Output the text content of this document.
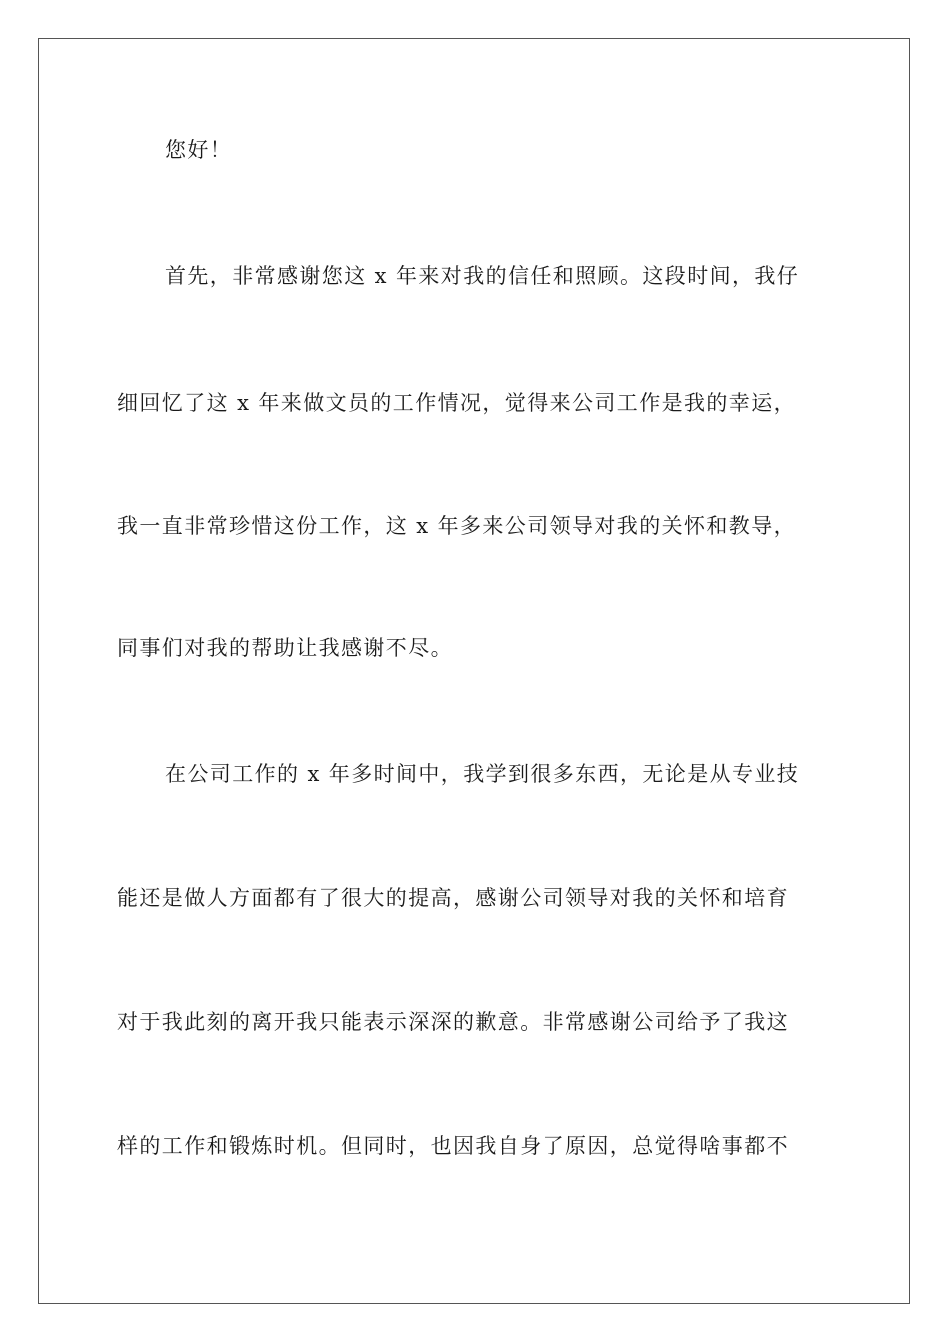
您好！
首先，非常感谢您这 x 年来对我的信任和照顾。这段时间，我仔
细回忆了这 x 年来做文员的工作情况，觉得来公司工作是我的幸运，
我一直非常珍惜这份工作，这 x 年多来公司领导对我的关怀和教导，
同事们对我的帮助让我感谢不尽。
在公司工作的 x 年多时间中，我学到很多东西，无论是从专业技
能还是做人方面都有了很大的提高，感谢公司领导对我的关怀和培育
对于我此刻的离开我只能表示深深的歉意。非常感谢公司给予了我这
样的工作和锻炼时机。但同时，也因我自身了原因，总觉得啥事都不
